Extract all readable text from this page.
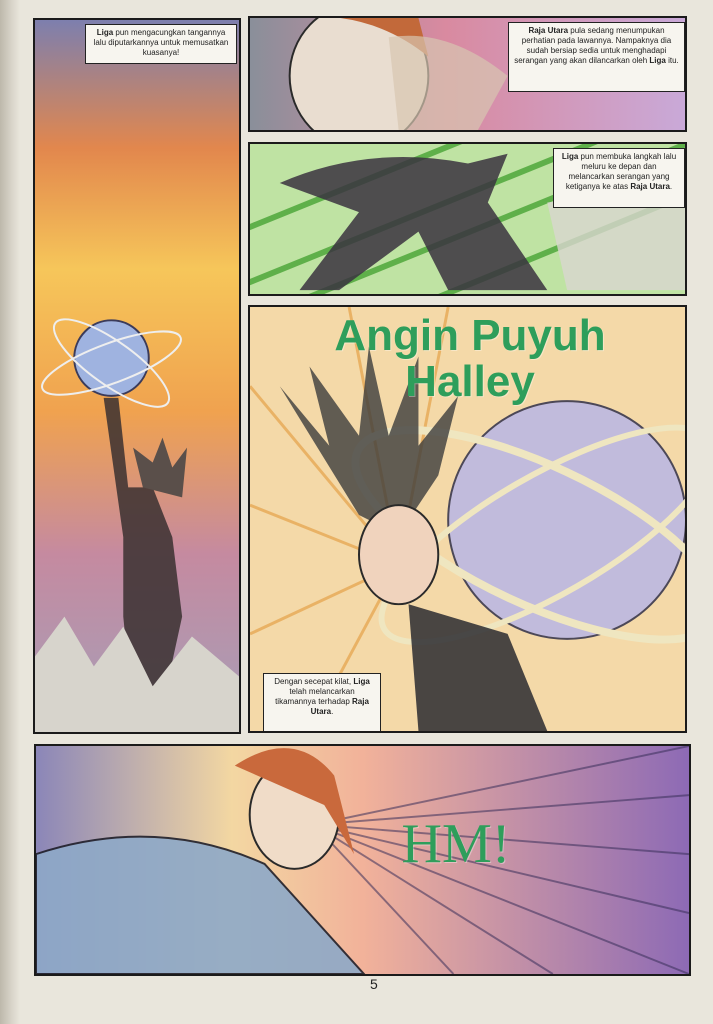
Liga pun mengacungkan tangannya lalu diputarkannya untuk memusatkan kuasanya!
Raja Utara pula sedang menumpukan perhatian pada lawannya. Nampaknya dia sudah bersiap sedia untuk menghadapi serangan yang akan dilancarkan oleh Liga itu.
Liga pun membuka langkah lalu meluru ke depan dan melancarkan serangan yang ketiganya ke atas Raja Utara.
Angin Puyuh
Halley
Dengan secepat kilat, Liga telah melancarkan tikamannya terhadap Raja Utara.
HM!
5
